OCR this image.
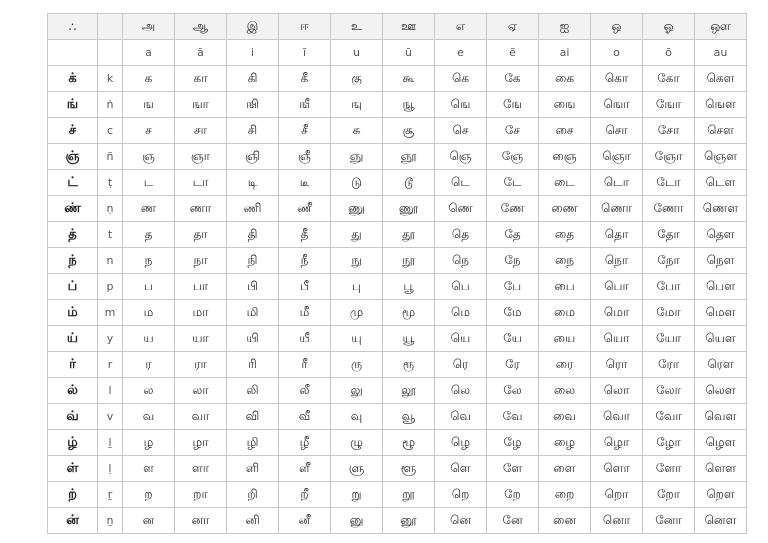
∴		அ	ஆ	இ	ஈ	உ	ஊ	எ	ஏ	ஐ	ஒ	ஓ	ஔ
		a	ā	i	ī	u	ū	e	ē	ai	o	ō	au
க்	k	க	கா	கி	கீ	கு	கூ	கெ	கே	கை	கொ	கோ	கௌ
ங்	ṅ	ங	ஙா	ஙி	ஙீ	ஙு	ஙூ	ஙெ	ஙே	ஙை	ஙொ	ஙோ	ஙௌ
ச்	c	ச	சா	சி	சீ	சு	சூ	செ	சே	சை	சொ	சோ	சௌ
ஞ்	ñ	ஞ	ஞா	ஞி	ஞீ	ஞு	ஞூ	ஞெ	ஞே	ஞை	ஞொ	ஞோ	ஞௌ
ட்	ṭ	ட	டா	டி	டீ	டு	டூ	டெ	டே	டை	டொ	டோ	டௌ
ண்	ṇ	ண	ணா	ணி	ணீ	ணு	ணூ	ணெ	ணே	ணை	ணொ	ணோ	ணௌ
த்	t	த	தா	தி	தீ	து	தூ	தெ	தே	தை	தொ	தோ	தௌ
ந்	n	ந	நா	நி	நீ	நு	நூ	நெ	நே	நை	நொ	நோ	நௌ
ப்	p	ப	பா	பி	பீ	பு	பூ	பெ	பே	பை	பொ	போ	பௌ
ம்	m	ம	மா	மி	மீ	மு	மூ	மெ	மே	மை	மொ	மோ	மௌ
ய்	y	ய	யா	யி	யீ	யு	யூ	யெ	யே	யை	யொ	யோ	யௌ
ர்	r	ர	ரா	ரி	ரீ	ரு	ரூ	ரெ	ரே	ரை	ரொ	ரோ	ரௌ
ல்	l	ல	லா	லி	லீ	லு	லூ	லெ	லே	லை	லொ	லோ	லௌ
வ்	v	வ	வா	வி	வீ	வு	வூ	வெ	வே	வை	வொ	வோ	வௌ
ழ்	ḻ	ழ	ழா	ழி	ழீ	ழு	ழூ	ழெ	ழே	ழை	ழொ	ழோ	ழௌ
ள்	ḷ	ள	ளா	ளி	ளீ	ளு	ளூ	ளெ	ளே	ளை	ளொ	ளோ	ளௌ
ற்	ṟ	ற	றா	றி	றீ	று	றூ	றெ	றே	றை	றொ	றோ	றௌ
ன்	ṉ	ன	னா	னி	னீ	னு	னூ	னெ	னே	னை	னொ	னோ	னௌ
